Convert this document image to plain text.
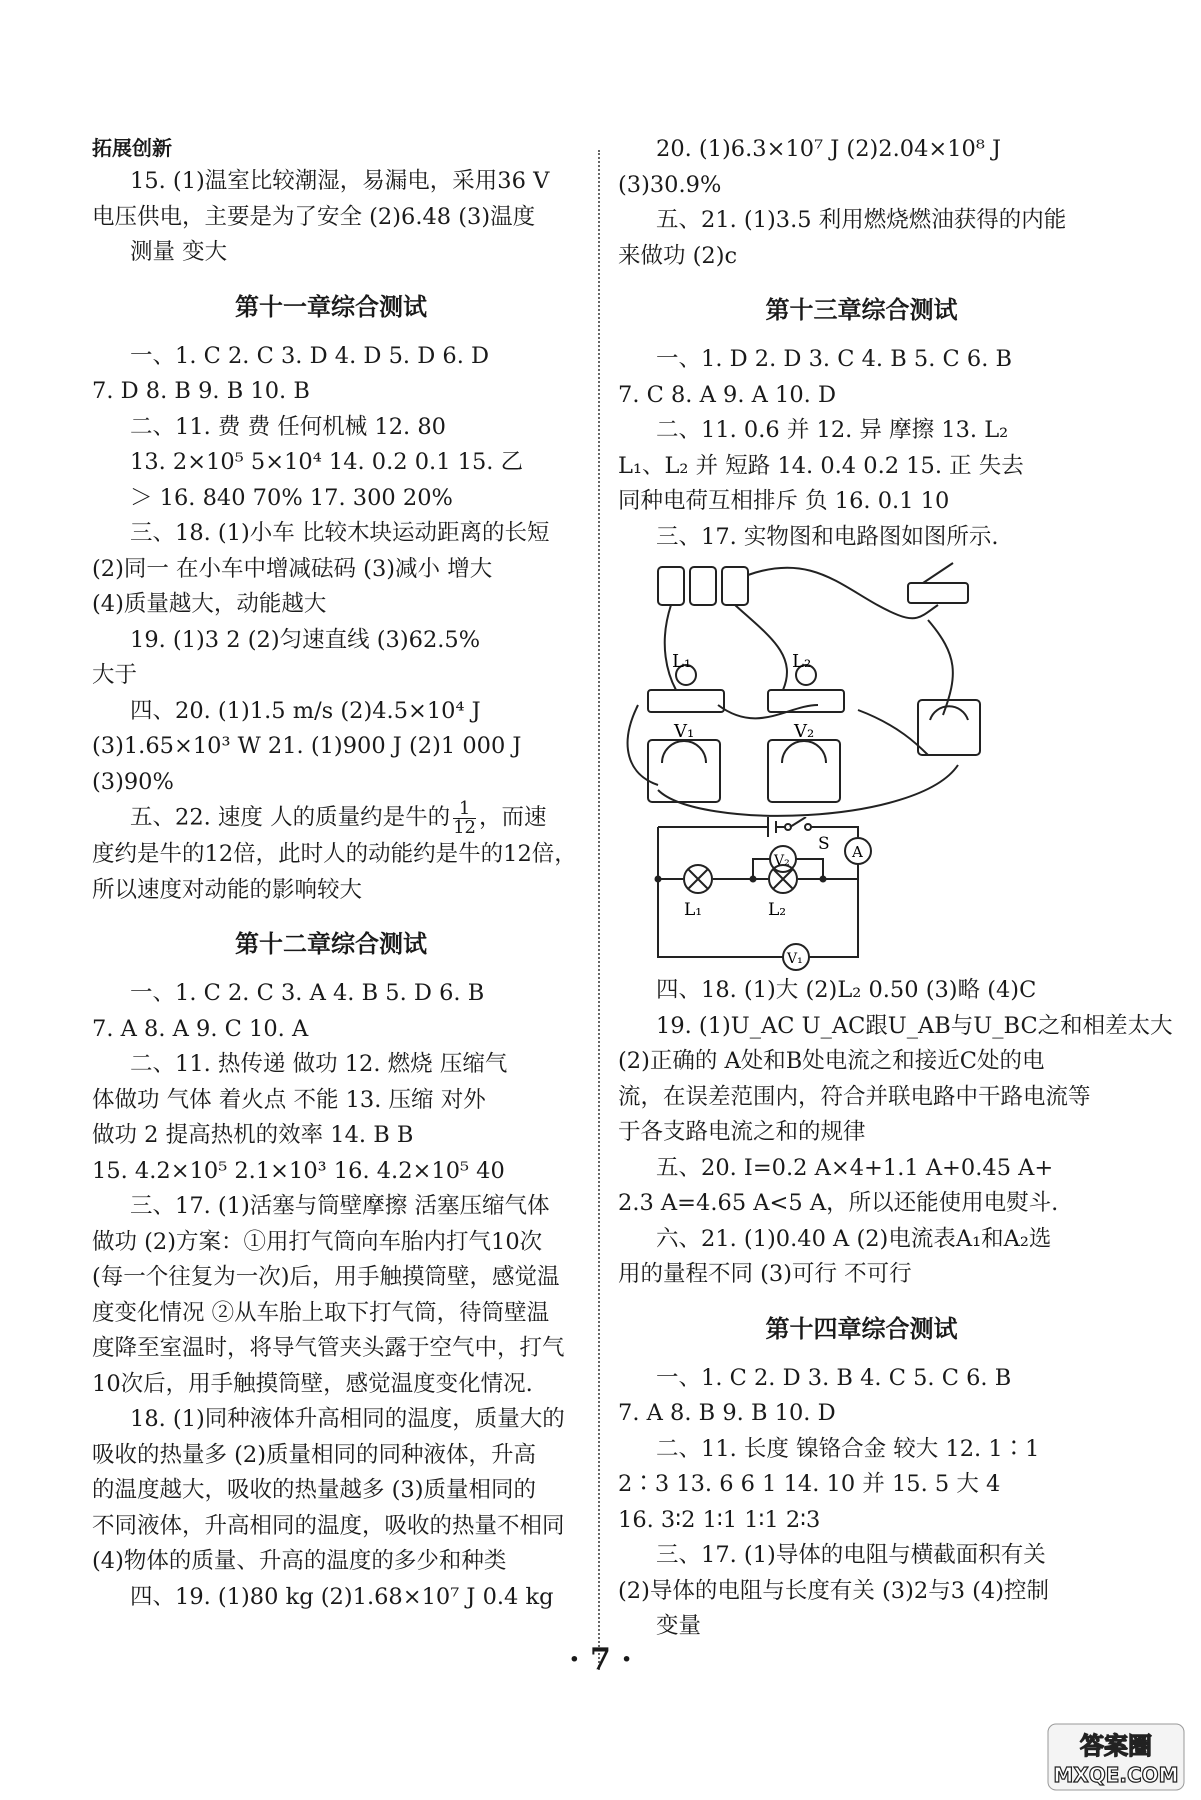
拓展创新
15. (1)温室比较潮湿，易漏电，采用36 V
电压供电，主要是为了安全 (2)6.48 (3)温度
测量 变大
第十一章综合测试
一、1. C 2. C 3. D 4. D 5. D 6. D
7. D 8. B 9. B 10. B
二、11. 费 费 任何机械 12. 80
13. 2×10⁵ 5×10⁴ 14. 0.2 0.1 15. 乙
＞ 16. 840 70% 17. 300 20%
三、18. (1)小车 比较木块运动距离的长短
(2)同一 在小车中增减砝码 (3)减小 增大
(4)质量越大，动能越大
19. (1)3 2 (2)匀速直线 (3)62.5%
大于
四、20. (1)1.5 m/s (2)4.5×10⁴ J
(3)1.65×10³ W 21. (1)900 J (2)1 000 J
(3)90%
五、22. 速度 人的质量约是牛的 $\frac{1}{12}$ ，而速
度约是牛的12倍，此时人的动能约是牛的12倍，
所以速度对动能的影响较大
第十二章综合测试
一、1. C 2. C 3. A 4. B 5. D 6. B
7. A 8. A 9. C 10. A
二、11. 热传递 做功 12. 燃烧 压缩气
体做功 气体 着火点 不能 13. 压缩 对外
做功 2 提高热机的效率 14. B B
15. 4.2×10⁵ 2.1×10³ 16. 4.2×10⁵ 40
三、17. (1)活塞与筒壁摩擦 活塞压缩气体
做功 (2)方案：①用打气筒向车胎内打气10次
(每一个往复为一次)后，用手触摸筒壁，感觉温
度变化情况 ②从车胎上取下打气筒，待筒壁温
度降至室温时，将导气管夹头露于空气中，打气
10次后，用手触摸筒壁，感觉温度变化情况.
18. (1)同种液体升高相同的温度，质量大的
吸收的热量多 (2)质量相同的同种液体，升高
的温度越大，吸收的热量越多 (3)质量相同的
不同液体，升高相同的温度，吸收的热量不相同
(4)物体的质量、升高的温度的多少和种类
四、19. (1)80 kg (2)1.68×10⁷ J 0.4 kg
20. (1)6.3×10⁷ J (2)2.04×10⁸ J
(3)30.9%
五、21. (1)3.5 利用燃烧燃油获得的内能
来做功 (2)c
第十三章综合测试
一、1. D 2. D 3. C 4. B 5. C 6. B
7. C 8. A 9. A 10. D
二、11. 0.6 并 12. 异 摩擦 13. L₂
L₁、L₂ 并 短路 14. 0.4 0.2 15. 正 失去
同种电荷互相排斥 负 16. 0.1 10
三、17. 实物图和电路图如图所示.
L₁	L₂
V₁	V₂
S A
V₂
V₁
L₁	L₂
四、18. (1)大 (2)L₂ 0.50 (3)略 (4)C
19. (1)U_AC U_AC跟U_AB与U_BC之和相差太大
(2)正确的 A处和B处电流之和接近C处的电
流，在误差范围内，符合并联电路中干路电流等
于各支路电流之和的规律
五、20. I=0.2 A×4+1.1 A+0.45 A+
2.3 A=4.65 A<5 A，所以还能使用电熨斗.
六、21. (1)0.40 A (2)电流表A₁和A₂选
用的量程不同 (3)可行 不可行
第十四章综合测试
一、1. C 2. D 3. B 4. C 5. C 6. B
7. A 8. B 9. B 10. D
二、11. 长度 镍铬合金 较大 12. 1∶1
2∶3 13. 6 6 1 14. 10 并 15. 5 大 4
16. 3∶2 1∶1 1∶1 2∶3
三、17. (1)导体的电阻与横截面积有关
(2)导体的电阻与长度有关 (3)2与3 (4)控制
变量
· 7 ·
答案圈
MXQE.COM
